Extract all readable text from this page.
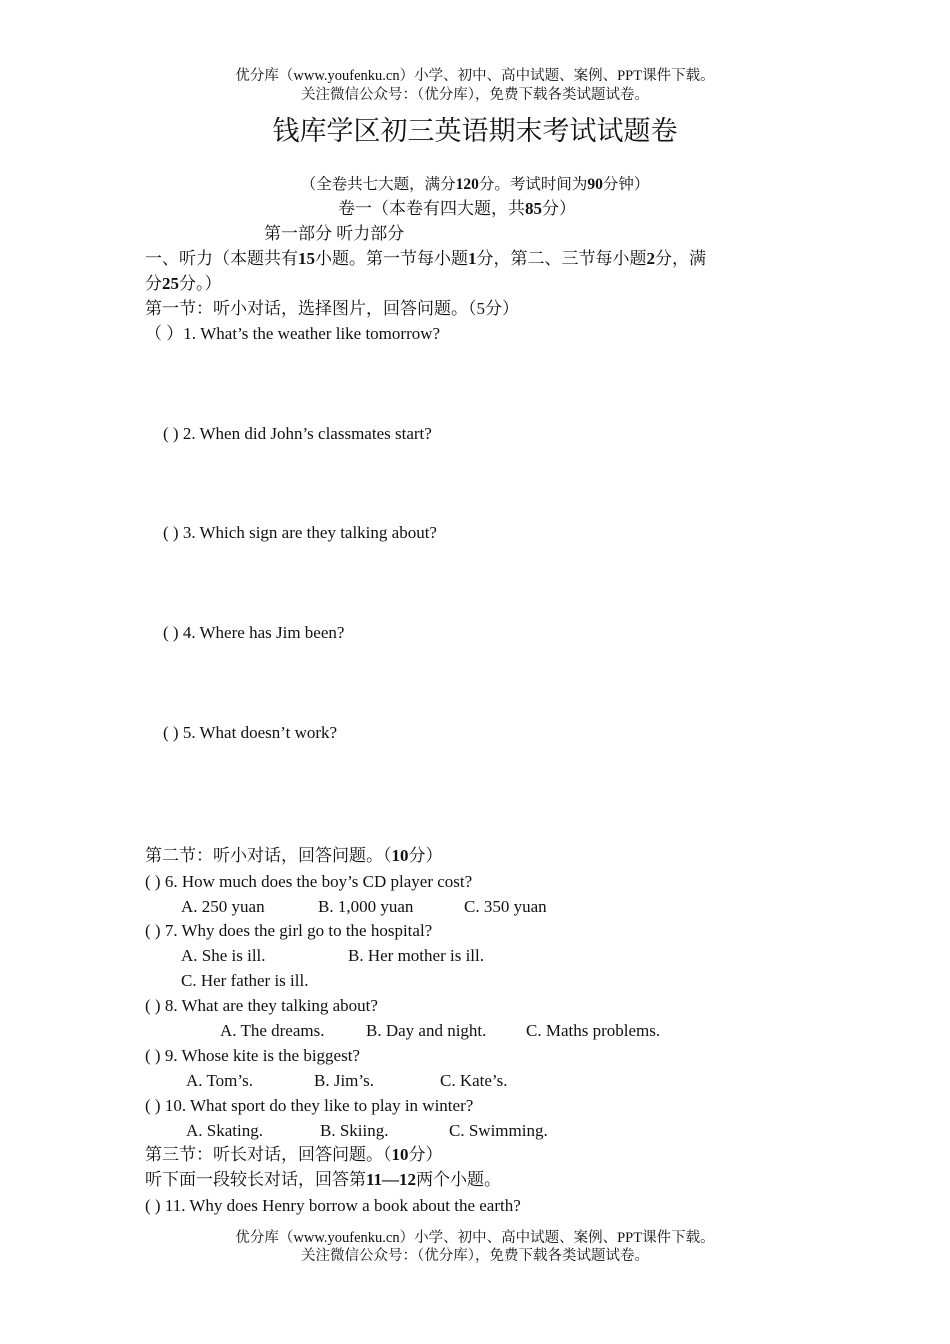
优分库（www.youfenku.cn）小学、初中、高中试题、案例、PPT课件下载。
关注微信公众号：（优分库），免费下载各类试题试卷。
钱库学区初三英语期末考试试题卷
（全卷共七大题，满分120分。考试时间为90分钟）
卷一（本卷有四大题，共85分）
第一部分 听力部分
一、听力（本题共有15小题。第一节每小题1分，第二、三节每小题2分，满
分25分。）
第一节：听小对话，选择图片，回答问题。（5分）
（ ）1. What’s the weather like tomorrow?
( ) 2. When did John’s classmates start?
( ) 3. Which sign are they talking about?
( ) 4. Where has Jim been?
( ) 5. What doesn’t work?
第二节：听小对话，回答问题。（10分）
( ) 6. How much does the boy’s CD player cost?
A. 250 yuan	B. 1,000 yuan	C. 350 yuan
( ) 7. Why does the girl go to the hospital?
A. She is ill.	B. Her mother is ill.
C. Her father is ill.
( ) 8. What are they talking about?
A. The dreams. B. Day and night. C. Maths problems.
( ) 9. Whose kite is the biggest?
A. Tom’s.	B. Jim’s.	C. Kate’s.
( ) 10. What sport do they like to play in winter?
A. Skating.	B. Skiing.	C. Swimming.
第三节：听长对话，回答问题。（10分）
听下面一段较长对话，回答第11—12两个小题。
( ) 11. Why does Henry borrow a book about the earth?
优分库（www.youfenku.cn）小学、初中、高中试题、案例、PPT课件下载。
关注微信公众号：（优分库），免费下载各类试题试卷。
